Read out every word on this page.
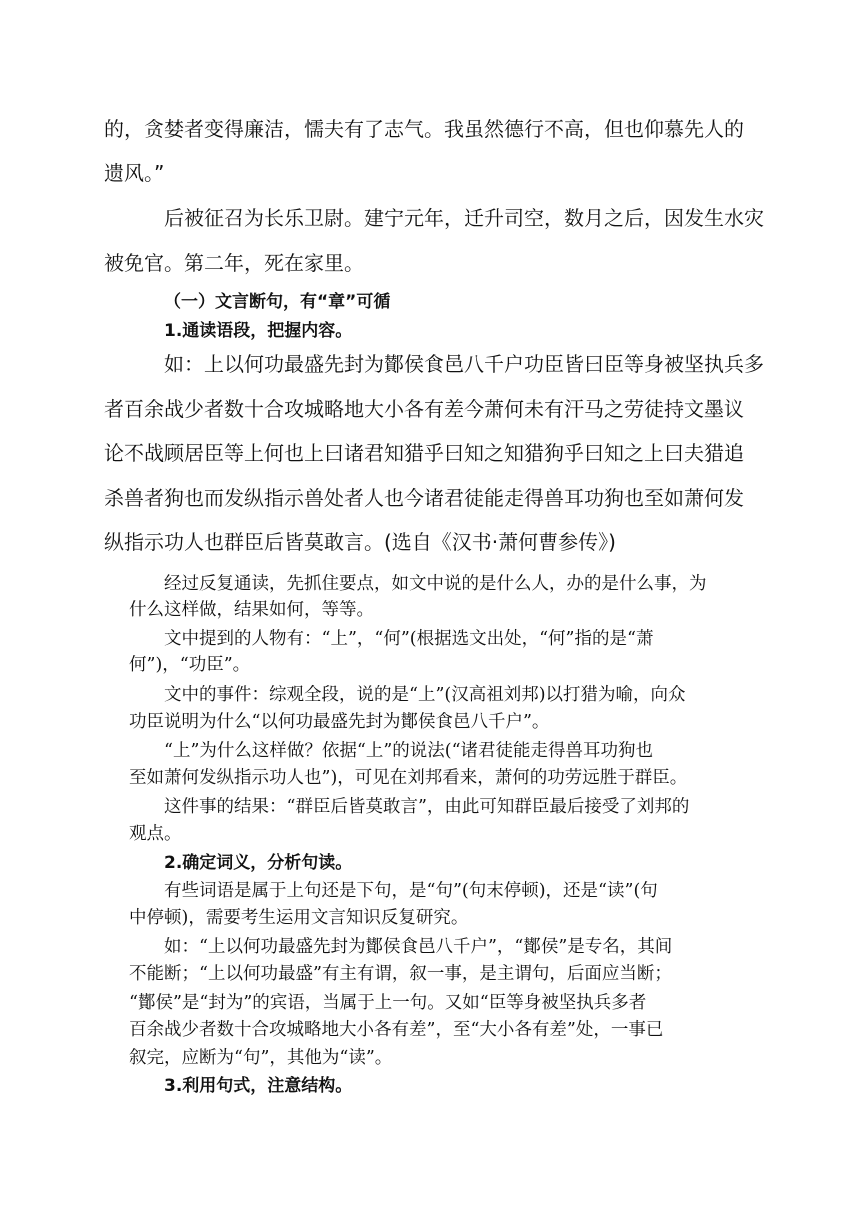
的，贪婪者变得廉洁，懦夫有了志气。我虽然德行不高，但也仰慕先人的

遗风。”

后被征召为长乐卫尉。建宁元年，迁升司空，数月之后，因发生水灾

被免官。第二年，死在家里。

（一）文言断句，有“章”可循

1.通读语段，把握内容。

如：上以何功最盛先封为鄼侯食邑八千户功臣皆曰臣等身被坚执兵多

者百余战少者数十合攻城略地大小各有差今萧何未有汗马之劳徒持文墨议

论不战顾居臣等上何也上曰诸君知猎乎曰知之知猎狗乎曰知之上曰夫猎追

杀兽者狗也而发纵指示兽处者人也今诸君徒能走得兽耳功狗也至如萧何发

纵指示功人也群臣后皆莫敢言。(选自《汉书·萧何曹参传》)

经过反复通读，先抓住要点，如文中说的是什么人，办的是什么事，为

什么这样做，结果如何，等等。

文中提到的人物有：“上”，“何”(根据选文出处，“何”指的是“萧

何”)，“功臣”。

文中的事件：综观全段，说的是“上”(汉高祖刘邦)以打猎为喻，向众

功臣说明为什么“以何功最盛先封为鄼侯食邑八千户”。

“上”为什么这样做？依据“上”的说法(“诸君徒能走得兽耳功狗也

至如萧何发纵指示功人也”)，可见在刘邦看来，萧何的功劳远胜于群臣。

这件事的结果：“群臣后皆莫敢言”，由此可知群臣最后接受了刘邦的

观点。

2.确定词义，分析句读。

有些词语是属于上句还是下句，是“句”(句末停顿)，还是“读”(句

中停顿)，需要考生运用文言知识反复研究。

如：“上以何功最盛先封为鄼侯食邑八千户”，“鄼侯”是专名，其间

不能断；“上以何功最盛”有主有谓，叙一事，是主谓句，后面应当断；

“鄼侯”是“封为”的宾语，当属于上一句。又如“臣等身被坚执兵多者

百余战少者数十合攻城略地大小各有差”，至“大小各有差”处，一事已

叙完，应断为“句”，其他为“读”。

3.利用句式，注意结构。
